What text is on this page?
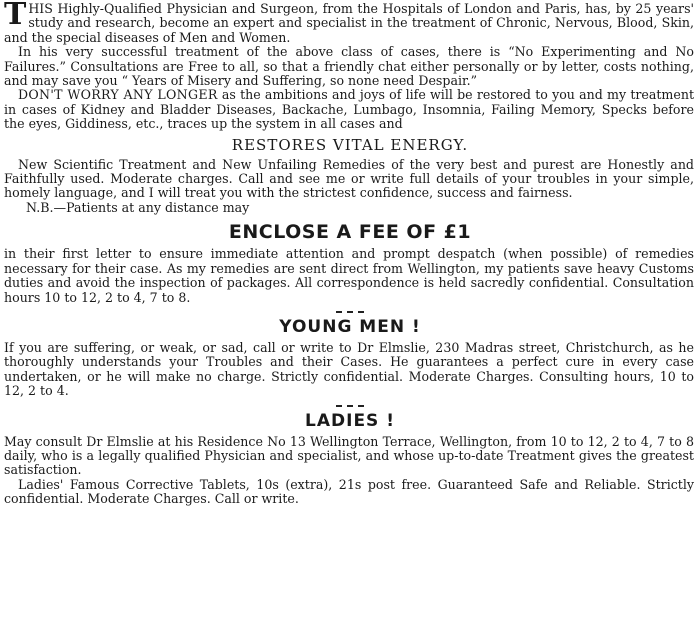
THIS Highly-Qualified Physician and Surgeon, from the Hospitals of London and Paris, has, by 25 years' study and research, become an expert and specialist in the treatment of Chronic, Nervous, Blood, Skin, and the special diseases of Men and Women.

In his very successful treatment of the above class of cases, there is “No Experimenting and No Failures.” Consultations are Free to all, so that a friendly chat either personally or by letter, costs nothing, and may save you “ Years of Misery and Suffering, so none need Despair.”

DON'T WORRY ANY LONGER as the ambitions and joys of life will be restored to you and my treatment in cases of Kidney and Bladder Diseases, Backache, Lumbago, Insomnia, Failing Memory, Specks before the eyes, Giddiness, etc., traces up the system in all cases and

RESTORES VITAL ENERGY.

New Scientific Treatment and New Unfailing Remedies of the very best and purest are Honestly and Faithfully used. Moderate charges. Call and see me or write full details of your troubles in your simple, homely language, and I will treat you with the strictest confidence, success and fairness.

N.B.—Patients at any distance may

ENCLOSE A FEE OF £1

in their first letter to ensure immediate attention and prompt despatch (when possible) of remedies necessary for their case. As my remedies are sent direct from Wellington, my patients save heavy Customs duties and avoid the inspection of packages. All correspondence is held sacredly confidential. Consultation hours 10 to 12, 2 to 4, 7 to 8.

YOUNG MEN !

If you are suffering, or weak, or sad, call or write to Dr Elmslie, 230 Madras street, Christchurch, as he thoroughly understands your Troubles and their Cases. He guarantees a perfect cure in every case undertaken, or he will make no charge. Strictly confidential. Moderate Charges. Consulting hours, 10 to 12, 2 to 4.

LADIES !

May consult Dr Elmslie at his Residence No 13 Wellington Terrace, Wellington, from 10 to 12, 2 to 4, 7 to 8 daily, who is a legally qualified Physician and specialist, and whose up-to-date Treatment gives the greatest satisfaction.

Ladies' Famous Corrective Tablets, 10s (extra), 21s post free. Guaranteed Safe and Reliable. Strictly confidential. Moderate Charges. Call or write.
